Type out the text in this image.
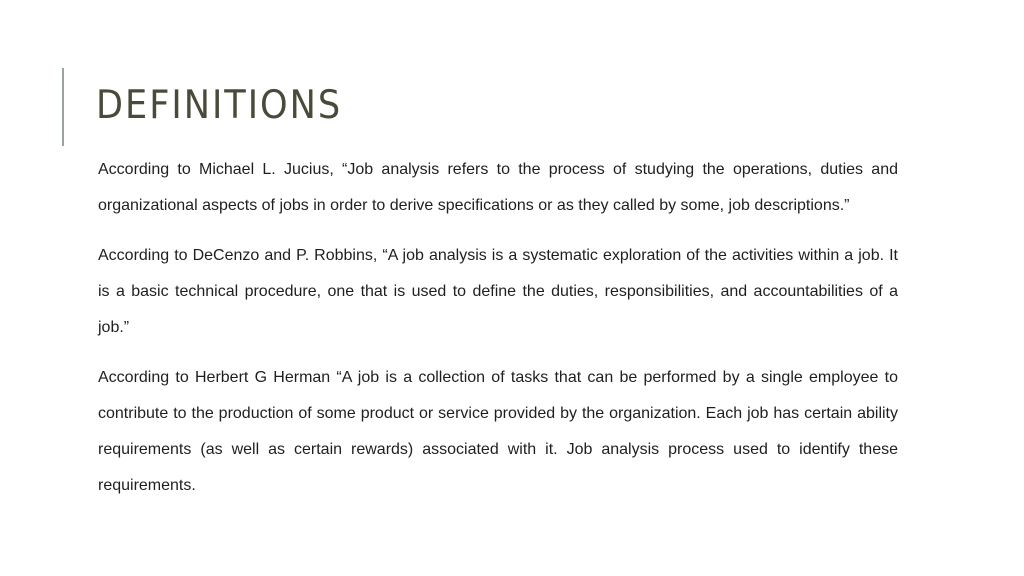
DEFINITIONS

According to Michael L. Jucius, “Job analysis refers to the process of studying the operations, duties and organizational aspects of jobs in order to derive specifications or as they called by some, job descriptions.”

According to DeCenzo and P. Robbins, “A job analysis is a systematic exploration of the activities within a job. It is a basic technical procedure, one that is used to define the duties, responsibilities, and accountabilities of a job.”

According to Herbert G Herman “A job is a collection of tasks that can be performed by a single employee to contribute to the production of some product or service provided by the organization. Each job has certain ability requirements (as well as certain rewards) associated with it. Job analysis process used to identify these requirements.
